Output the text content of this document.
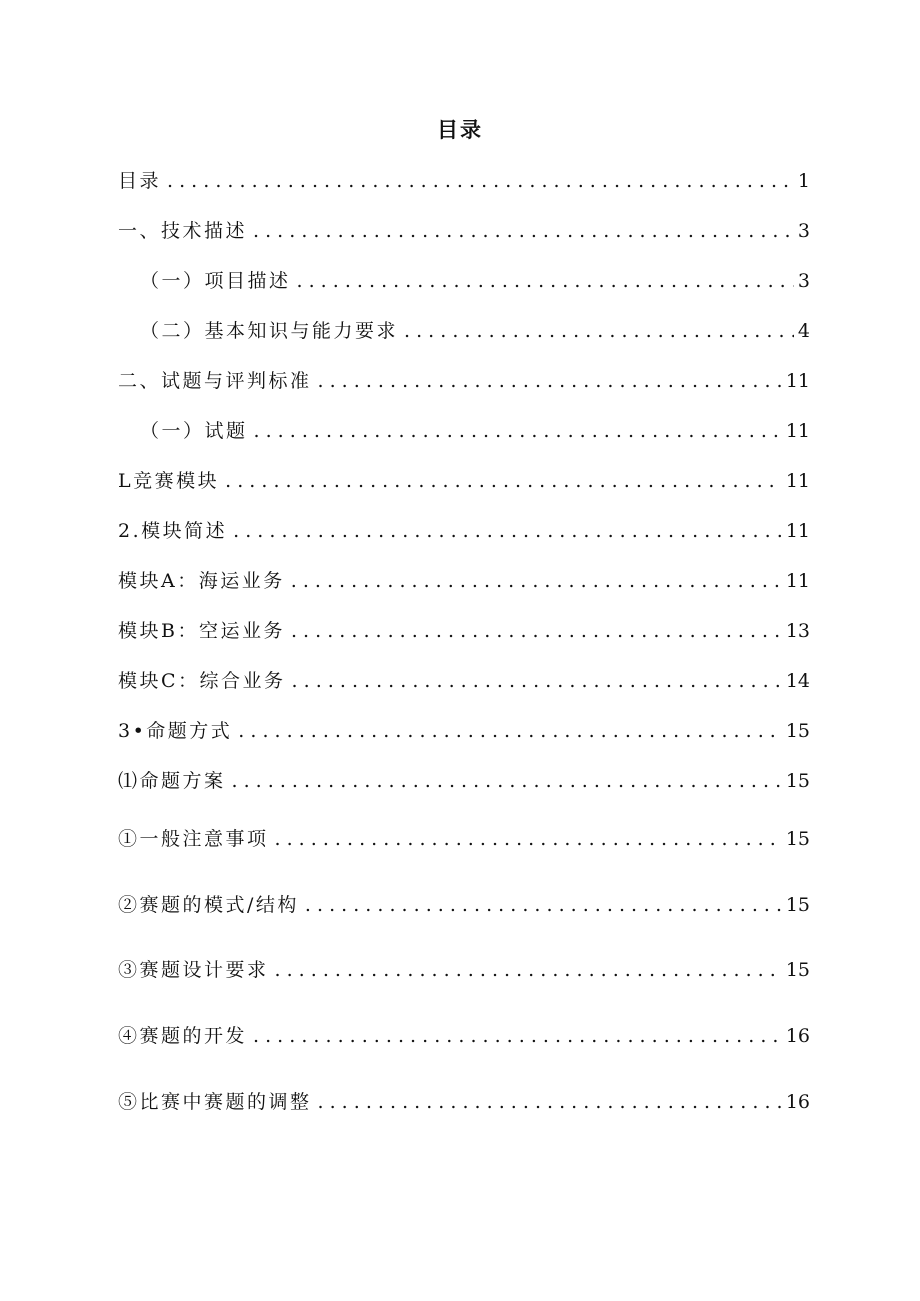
目录
目录 . . .	1
一、技术描述 . . .	3
（一）项目描述 . . .	3
（二）基本知识与能力要求 . . .	4
二、试题与评判标准 . . .	11
（一）试题 . . .	11
L竞赛模块 . . .	11
2.模块简述 . . .	11
模块A：海运业务 . . .	11
模块B：空运业务 . . .	13
模块C：综合业务 . . .	14
3•命题方式 . . .	15
⑴命题方案 . . .	15
①一般注意事项 . . .	15
②赛题的模式/结构 . . .	15
③赛题设计要求 . . .	15
④赛题的开发 . . .	16
⑤比赛中赛题的调整 . . .	16
